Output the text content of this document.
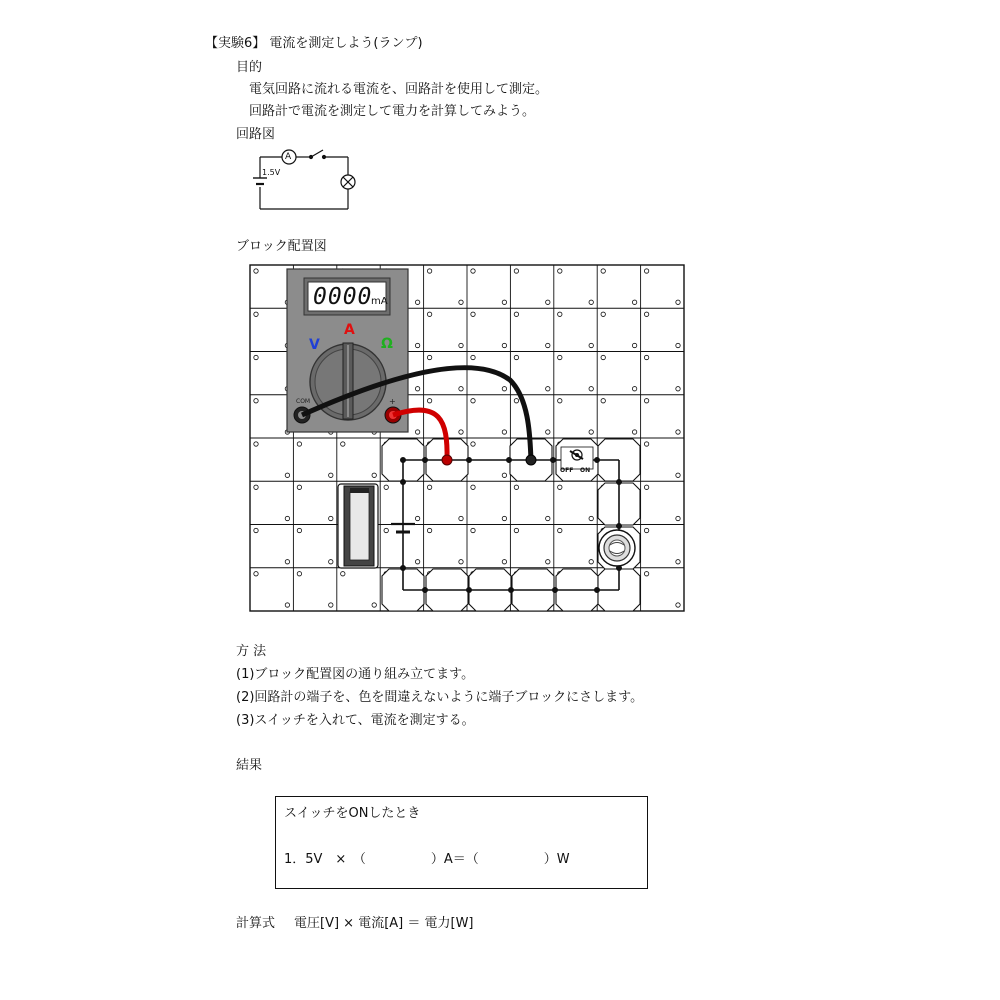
【実験6】 電流を測定しよう(ランプ)
目的
電気回路に流れる電流を、回路計を使用して測定。
回路計で電流を測定して電力を計算してみよう。
回路図
A
1.5V
ブロック配置図
0000
mA
V
A
Ω
COM	+
OFF ON
方 法
(1)ブロック配置図の通り組み立てます。
(2)回路計の端子を、色を間違えないように端子ブロックにさします。
(3)スイッチを入れて、電流を測定する。
結果
スイッチをONしたとき
1．5V　×　（　　　　　）A＝（　　　　　）W
計算式 電圧[V] × 電流[A] ＝ 電力[W]
